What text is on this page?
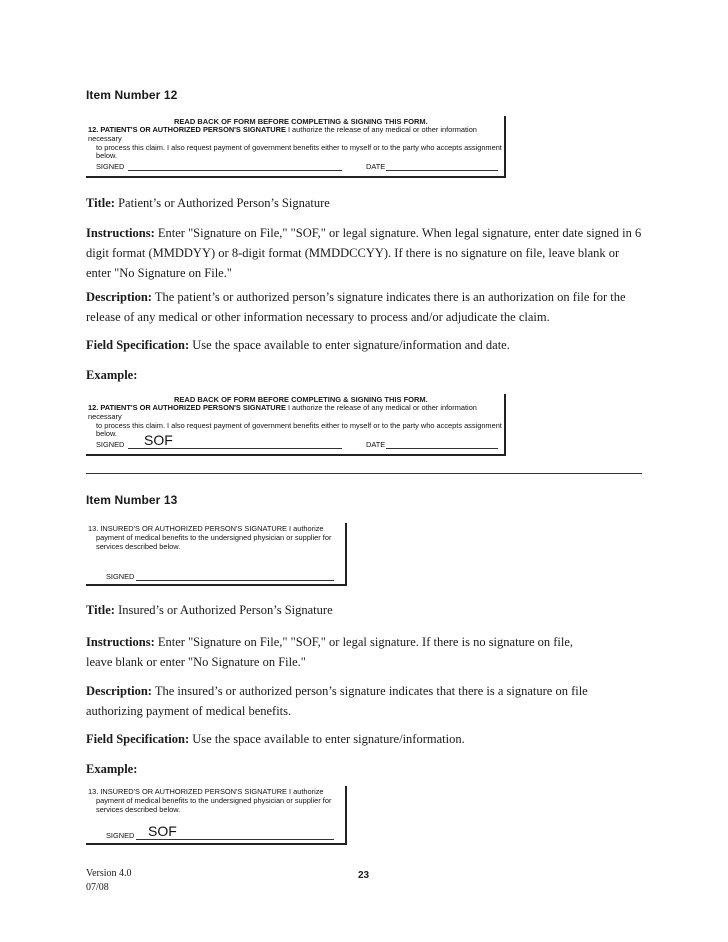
Item Number 12
READ BACK OF FORM BEFORE COMPLETING & SIGNING THIS FORM.
12. PATIENT'S OR AUTHORIZED PERSON'S SIGNATURE I authorize the release of any medical or other information necessary
to process this claim. I also request payment of government benefits either to myself or to the party who accepts assignment
below.
SIGNED	DATE
Title: Patient’s or Authorized Person’s Signature
Instructions: Enter "Signature on File," "SOF," or legal signature. When legal signature, enter date signed in 6 digit format (MMDDYY) or 8-digit format (MMDDCCYY). If there is no signature on file, leave blank or enter "No Signature on File."
Description: The patient’s or authorized person’s signature indicates there is an authorization on file for the release of any medical or other information necessary to process and/or adjudicate the claim.
Field Specification: Use the space available to enter signature/information and date.
Example:
READ BACK OF FORM BEFORE COMPLETING & SIGNING THIS FORM.
12. PATIENT'S OR AUTHORIZED PERSON'S SIGNATURE I authorize the release of any medical or other information necessary
to process this claim. I also request payment of government benefits either to myself or to the party who accepts assignment
below.
SIGNED SOF	DATE
Item Number 13
13. INSURED'S OR AUTHORIZED PERSON'S SIGNATURE I authorize
payment of medical benefits to the undersigned physician or supplier for
services described below.
SIGNED
Title: Insured’s or Authorized Person’s Signature
Instructions: Enter "Signature on File," "SOF," or legal signature. If there is no signature on file,
leave blank or enter "No Signature on File."
Description: The insured’s or authorized person’s signature indicates that there is a signature on file authorizing payment of medical benefits.
Field Specification: Use the space available to enter signature/information.
Example:
13. INSURED'S OR AUTHORIZED PERSON'S SIGNATURE I authorize
payment of medical benefits to the undersigned physician or supplier for
services described below.
SIGNED SOF
Version 4.0
07/08
23
